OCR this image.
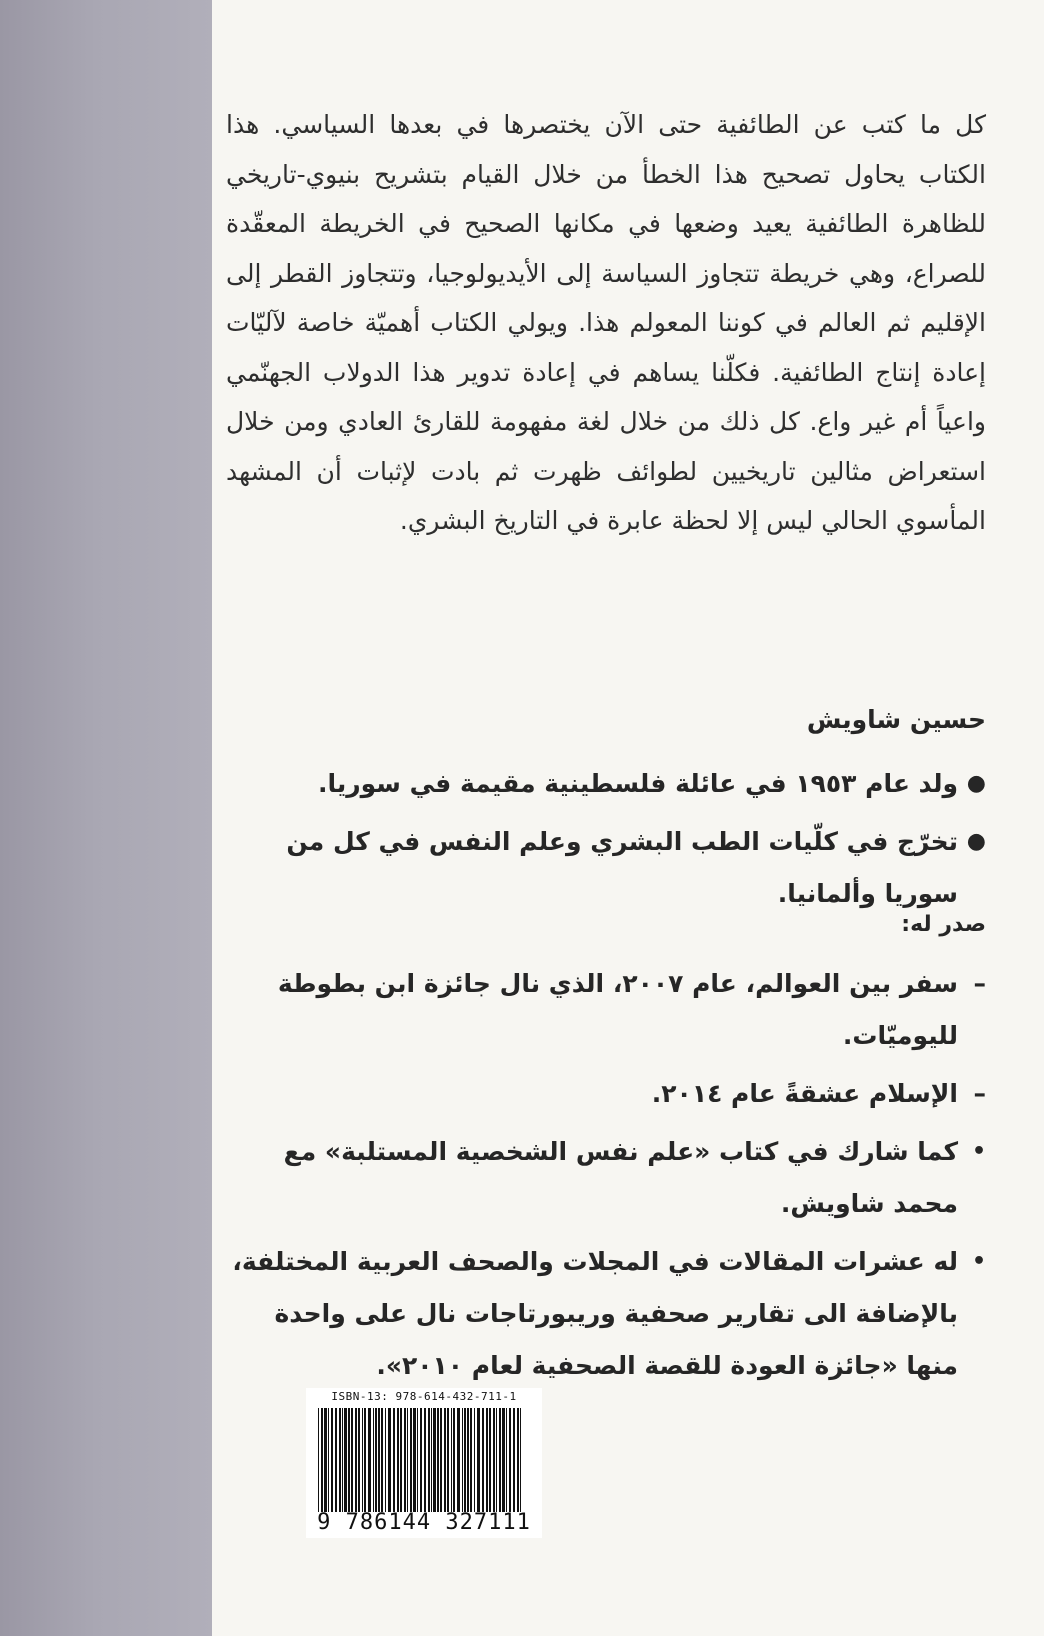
كل ما كتب عن الطائفية حتى الآن يختصرها في بعدها السياسي. هذا الكتاب يحاول تصحيح هذا الخطأ من خلال القيام بتشريح بنيوي-تاريخي للظاهرة الطائفية يعيد وضعها في مكانها الصحيح في الخريطة المعقّدة للصراع، وهي خريطة تتجاوز السياسة إلى الأيديولوجيا، وتتجاوز القطر إلى الإقليم ثم العالم في كوننا المعولم هذا. ويولي الكتاب أهميّة خاصة لآليّات إعادة إنتاج الطائفية. فكلّنا يساهم في إعادة تدوير هذا الدولاب الجهنّمي واعياً أم غير واع. كل ذلك من خلال لغة مفهومة للقارئ العادي ومن خلال استعراض مثالين تاريخيين لطوائف ظهرت ثم بادت لإثبات أن المشهد المأسوي الحالي ليس إلا لحظة عابرة في التاريخ البشري.

حسين شاويش
●
ولد عام ١٩٥٣ في عائلة فلسطينية مقيمة في سوريا.
●
تخرّج في كلّيات الطب البشري وعلم النفس في كل من سوريا وألمانيا.
صدر له:
–
سفر بين العوالم، عام ٢٠٠٧، الذي نال جائزة ابن بطوطة لليوميّات.
–
الإسلام عشقةً عام ٢٠١٤.
•
كما شارك في كتاب «علم نفس الشخصية المستلبة» مع محمد شاويش.
•
له عشرات المقالات في المجلات والصحف العربية المختلفة، بالإضافة الى تقارير صحفية وريبورتاجات نال على واحدة منها «جائزة العودة للقصة الصحفية لعام ٢٠١٠».
ISBN-13: 978-614-432-711-1
9 786144 327111
